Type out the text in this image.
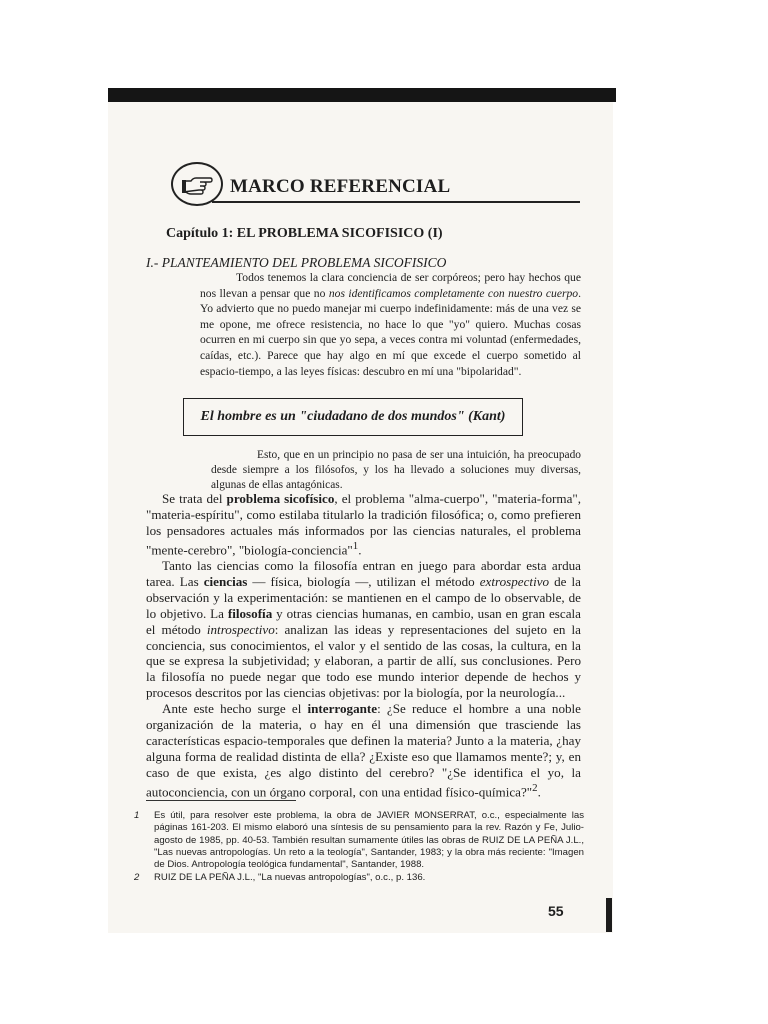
MARCO REFERENCIAL
Capítulo 1: EL PROBLEMA SICOFISICO (I)
I.- PLANTEAMIENTO DEL PROBLEMA SICOFISICO

Todos tenemos la clara conciencia de ser corpóreos; pero hay hechos que nos llevan a pensar que no nos identificamos completamente con nuestro cuerpo. Yo advierto que no puedo manejar mi cuerpo indefinidamente: más de una vez se me opone, me ofrece resistencia, no hace lo que "yo" quiero. Muchas cosas ocurren en mi cuerpo sin que yo sepa, a veces contra mi voluntad (enfermedades, caídas, etc.). Parece que hay algo en mí que excede el cuerpo sometido al espacio-tiempo, a las leyes físicas: descubro en mí una "bipolaridad".

El hombre es un "ciudadano de dos mundos" (Kant)

Esto, que en un principio no pasa de ser una intuición, ha preocupado desde siempre a los filósofos, y los ha llevado a soluciones muy diversas, algunas de ellas antagónicas.

Se trata del problema sicofísico, el problema "alma-cuerpo", "materia-forma", "materia-espíritu", como estilaba titularlo la tradición filosófica; o, como prefieren los pensadores actuales más informados por las ciencias naturales, el problema "mente-cerebro", "biología-conciencia"$^1$.

Tanto las ciencias como la filosofía entran en juego para abordar esta ardua tarea. Las ciencias — física, biología —, utilizan el método extrospectivo de la observación y la experimentación: se mantienen en el campo de lo observable, de lo objetivo. La filosofía y otras ciencias humanas, en cambio, usan en gran escala el método introspectivo: analizan las ideas y representaciones del sujeto en la conciencia, sus conocimientos, el valor y el sentido de las cosas, la cultura, en la que se expresa la subjetividad; y elaboran, a partir de allí, sus conclusiones. Pero la filosofía no puede negar que todo ese mundo interior depende de hechos y procesos descritos por las ciencias objetivas: por la biología, por la neurología...

Ante este hecho surge el interrogante: ¿Se reduce el hombre a una noble organización de la materia, o hay en él una dimensión que trasciende las características espacio-temporales que definen la materia? Junto a la materia, ¿hay alguna forma de realidad distinta de ella? ¿Existe eso que llamamos mente?; y, en caso de que exista, ¿es algo distinto del cerebro? "¿Se identifica el yo, la autoconciencia, con un órgano corporal, con una entidad físico-química?"$^2$.

1 Es útil, para resolver este problema, la obra de JAVIER MONSERRAT, o.c., especialmente las páginas 161-203. El mismo elaboró una síntesis de su pensamiento para la rev. Razón y Fe, Julio-agosto de 1985, pp. 40-53. También resultan sumamente útiles las obras de RUIZ DE LA PEÑA J.L., "Las nuevas antropologías. Un reto a la teología", Santander, 1983; y la obra más reciente: "Imagen de Dios. Antropología teológica fundamental", Santander, 1988.

2 RUIZ DE LA PEÑA J.L., "La nuevas antropologías", o.c., p. 136.

55
